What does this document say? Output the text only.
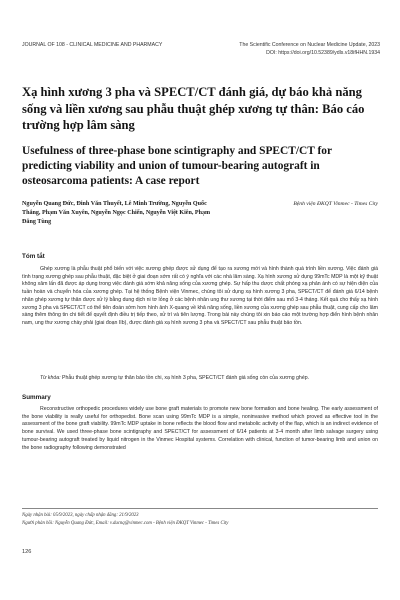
JOURNAL OF 108 - CLINICAL MEDICINE AND PHARMACY	The Scientific Conference on Nuclear Medicine Update, 2023
DOI: https://doi.org/10.52389/ydls.v18ifHHN.1934
Xạ hình xương 3 pha và SPECT/CT đánh giá, dự báo khả năng sống và liền xương sau phẫu thuật ghép xương tự thân: Báo cáo trường hợp lâm sàng
Usefulness of three-phase bone scintigraphy and SPECT/CT for predicting viability and union of tumour-bearing autograft in osteosarcoma patients: A case report
Nguyễn Quang Đức, Đinh Văn Thuyết, Lê Minh Trường, Nguyễn Quốc Thắng, Phạm Văn Xuyên, Nguyễn Ngọc Chiến, Nguyễn Việt Kiên, Phạm Đăng Tùng
Bệnh viện ĐKQT Vinmec - Times City
Tóm tắt
Ghép xương là phẫu thuật phổ biến với việc xương ghép được sử dụng để tạo ra xương mới và hình thành quá trình liền xương. Việc đánh giá tình trạng xương ghép sau phẫu thuật, đặc biệt ở giai đoạn sớm rất có ý nghĩa với các nhà lâm sàng. Xạ hình xương sử dụng 99mTc MDP là một kỹ thuật không xâm lấn đã được áp dụng trong việc đánh giá sớm khả năng sống của xương ghép. Sự hấp thu dược chất phóng xạ phản ánh có sự hiện diện của tuần hoàn và chuyển hóa của xương ghép. Tại hệ thống Bệnh viện Vinmec, chúng tôi sử dụng xạ hình xương 3 pha, SPECT/CT để đánh giá 6/14 bệnh nhân ghép xương tự thân được xử lý bằng dung dịch ni tơ lỏng ở các bệnh nhân ung thư xương tại thời điểm sau mổ 3-4 tháng. Kết quả cho thấy xạ hình xương 3 pha và SPECT/CT có thể tiên đoán sớm hơn hình ảnh X-quang về khả năng sống, liền xương của xương ghép sau phẫu thuật, cung cấp cho lâm sàng thêm thông tin chi tiết để quyết định điều trị tiếp theo, xử trí và tiên lượng. Trong bài này chúng tôi xin báo cáo một trường hợp điển hình bệnh nhân nam, ung thư xương chày phải (giai đoạn IIb), được đánh giá xạ hình xương 3 pha và SPECT/CT sau phẫu thuật bảo tồn.
Từ khóa: Phẫu thuật ghép xương tự thân bảo tồn chi, xạ hình 3 pha, SPECT/CT đánh giá sống còn của xương ghép.
Summary
Reconstructive orthopedic procedures widely use bone graft materials to promote new bone formation and bone healing. The early assessment of the bone viability is really useful for orthopedist. Bone scan using 99mTc MDP is a simple, noninvasive method which proved as effective tool in the assessment of the bone graft viability. 99mTc MDP uptake in bone reflects the blood flow and metabolic activity of the flap, which is an indirect evidence of bone survival. We used three-phase bone scintigraphy and SPECT/CT for assessment of 6/14 patients at 3-4 month after limb salvage surgery using tumour-bearing autograft treated by liquid nitrogen in the Vinmec Hospital systems. Correlation with clinical, function of tumor-bearing limb and union on the bone radiography following demonstrated
Ngày nhận bài: 05/9/2023, ngày chấp nhận đăng: 21/9/2023
Người phản hồi: Nguyễn Quang Đức, Email: v.ducnq@vinmec.com - Bệnh viện ĐKQT Vinmec - Times City
126
